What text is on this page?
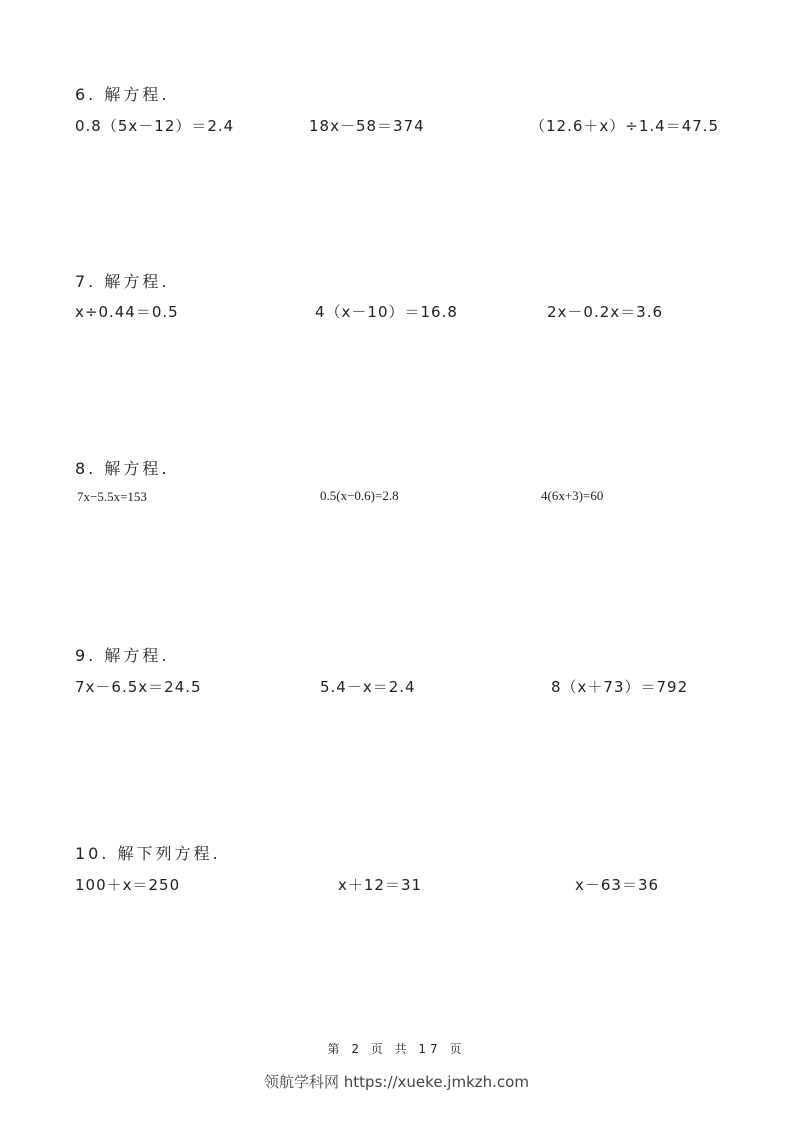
6. 解方程.
0.8（5x－12）＝2.4	18x－58＝374	（12.6＋x）÷1.4＝47.5
7. 解方程.
x÷0.44＝0.5	4（x－10）＝16.8	2x－0.2x＝3.6
8. 解方程.
7x−5.5x=153	0.5(x−0.6)=2.8	4(6x+3)=60
9. 解方程.
7x－6.5x＝24.5	5.4－x＝2.4	8（x＋73）＝792
10. 解下列方程.
100＋x＝250	x＋12＝31	x－63＝36
第 2 页 共 17 页
领航学科网 https://xueke.jmkzh.com
